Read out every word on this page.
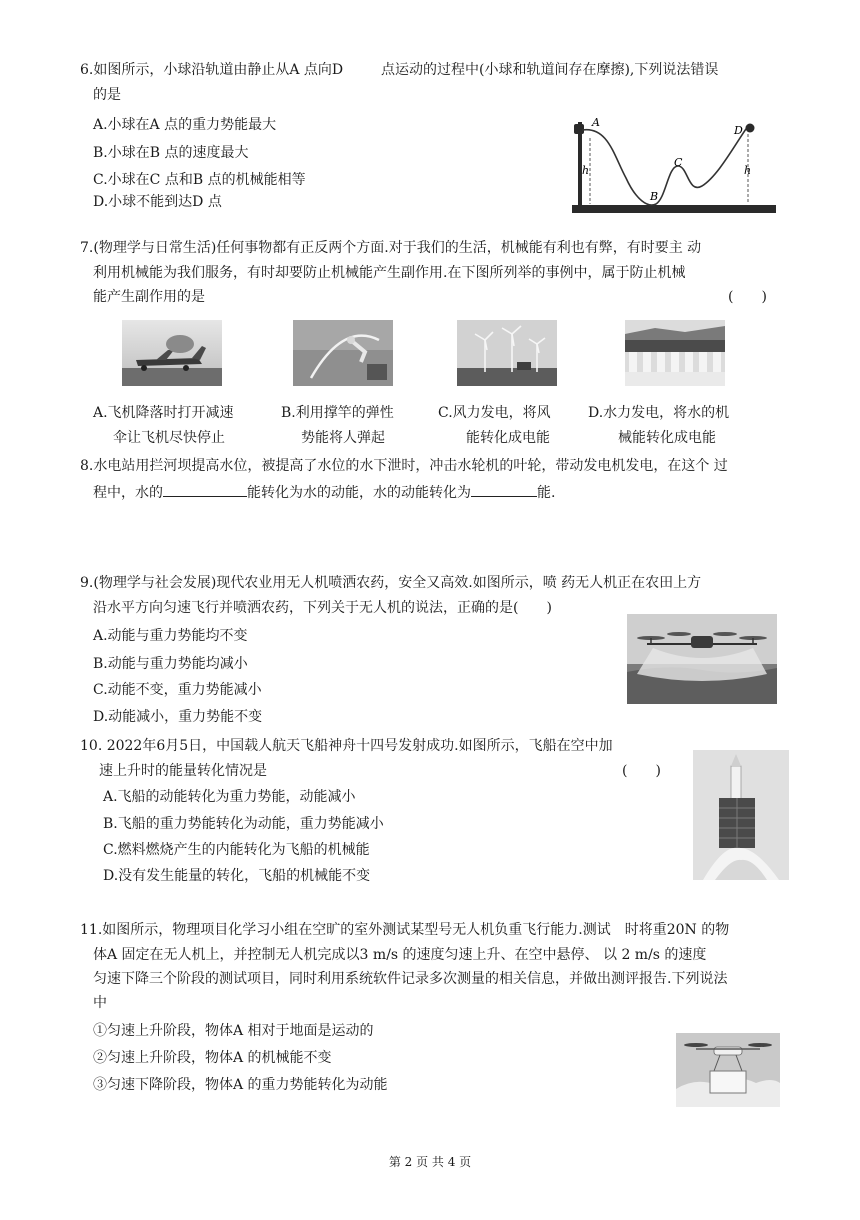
6.如图所示，小球沿轨道由静止从A 点向D	点运动的过程中(小球和轨道间存在摩擦),下列说法错误
的是
A.小球在A 点的重力势能最大
B.小球在B 点的速度最大
C.小球在C 点和B 点的机械能相等
D.小球不能到达D 点
A
D
C
B
h	h
7.(物理学与日常生活)任何事物都有正反两个方面.对于我们的生活，机械能有利也有弊，有时要主 动
利用机械能为我们服务，有时却要防止机械能产生副作用.在下图所列举的事例中，属于防止机械
能产生副作用的是	(　　)
A.飞机降落时打开减速
伞让飞机尽快停止
B.利用撑竿的弹性
势能将人弹起
C.风力发电，将风
能转化成电能
D.水力发电，将水的机
械能转化成电能
8.水电站用拦河坝提高水位，被提高了水位的水下泄时，冲击水轮机的叶轮，带动发电机发电，在这个 过
程中，水的	能转化为水的动能，水的动能转化为	能.
9.(物理学与社会发展)现代农业用无人机喷洒农药，安全又高效.如图所示，喷 药无人机正在农田上方
沿水平方向匀速飞行并喷洒农药，下列关于无人机的说法，正确的是(　　)
A.动能与重力势能均不变
B.动能与重力势能均减小
C.动能不变，重力势能减小
D.动能减小，重力势能不变
10. 2022年6月5日，中国载人航天飞船神舟十四号发射成功.如图所示，飞船在空中加
速上升时的能量转化情况是	(　　)
A.飞船的动能转化为重力势能，动能减小
B.飞船的重力势能转化为动能，重力势能减小
C.燃料燃烧产生的内能转化为飞船的机械能
D.没有发生能量的转化，飞船的机械能不变
11.如图所示，物理项目化学习小组在空旷的室外测试某型号无人机负重飞行能力.测试　时将重20N 的物
体A 固定在无人机上，并控制无人机完成以3 m/s 的速度匀速上升、在空中悬停、 以 2 m/s 的速度
匀速下降三个阶段的测试项目，同时利用系统软件记录多次测量的相关信息，并做出测评报告.下列说法
中
①匀速上升阶段，物体A 相对于地面是运动的
②匀速上升阶段，物体A 的机械能不变
③匀速下降阶段，物体A 的重力势能转化为动能
第 2 页 共 4 页
